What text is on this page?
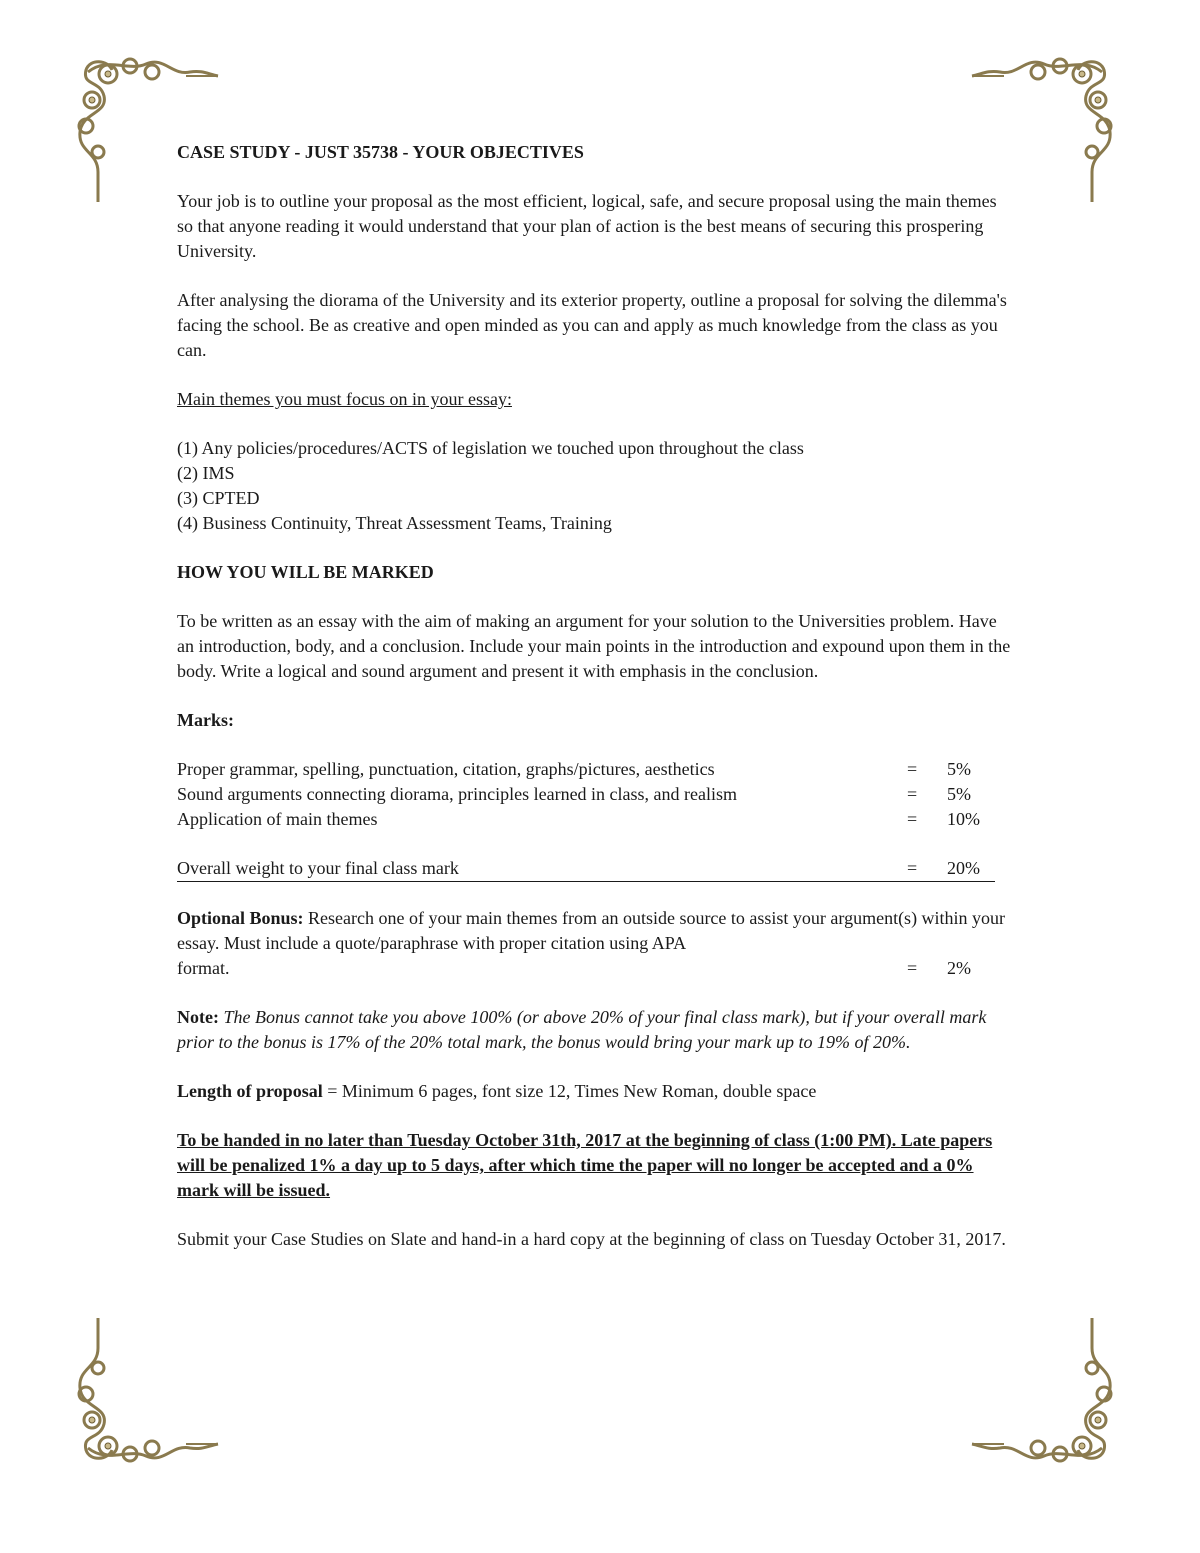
CASE STUDY - JUST 35738 - YOUR OBJECTIVES

Your job is to outline your proposal as the most efficient, logical, safe, and secure proposal using the main themes so that anyone reading it would understand that your plan of action is the best means of securing this prospering University.

After analysing the diorama of the University and its exterior property, outline a proposal for solving the dilemma's facing the school. Be as creative and open minded as you can and apply as much knowledge from the class as you can.

Main themes you must focus on in your essay:

(1) Any policies/procedures/ACTS of legislation we touched upon throughout the class
(2) IMS
(3) CPTED
(4) Business Continuity, Threat Assessment Teams, Training

HOW YOU WILL BE MARKED

To be written as an essay with the aim of making an argument for your solution to the Universities problem. Have an introduction, body, and a conclusion. Include your main points in the introduction and expound upon them in the body. Write a logical and sound argument and present it with emphasis in the conclusion.

Marks:

Proper grammar, spelling, punctuation, citation, graphs/pictures, aesthetics	=	5%
Sound arguments connecting diorama, principles learned in class, and realism	=	5%
Application of main themes	=	10%
Overall weight to your final class mark	=	20%

Optional Bonus: Research one of your main themes from an outside source to assist your argument(s) within your essay. Must include a quote/paraphrase with proper citation using APA
format.	=	2%

Note: The Bonus cannot take you above 100% (or above 20% of your final class mark), but if your overall mark prior to the bonus is 17% of the 20% total mark, the bonus would bring your mark up to 19% of 20%.

Length of proposal = Minimum 6 pages, font size 12, Times New Roman, double space

To be handed in no later than Tuesday October 31th, 2017 at the beginning of class (1:00 PM). Late papers will be penalized 1% a day up to 5 days, after which time the paper will no longer be accepted and a 0% mark will be issued.

Submit your Case Studies on Slate and hand-in a hard copy at the beginning of class on Tuesday October 31, 2017.
